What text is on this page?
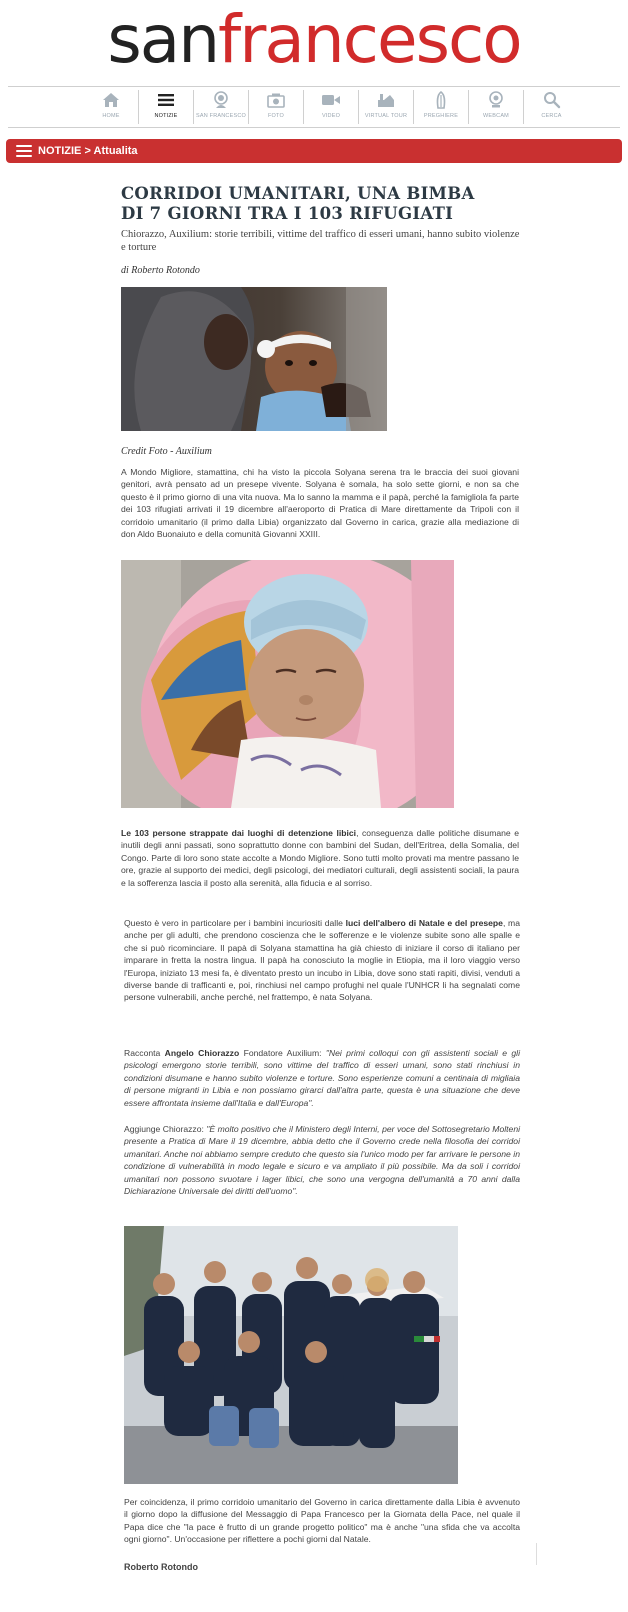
sanfrancesco
HOME	NOTIZIE	SAN FRANCESCO	FOTO	VIDEO	VIRTUAL TOUR	PREGHIERE	WEBCAM	CERCA
NOTIZIE > Attualita
CORRIDOI UMANITARI, UNA BIMBA DI 7 GIORNI TRA I 103 RIFUGIATI
Chiorazzo, Auxilium: storie terribili, vittime del traffico di esseri umani, hanno subito violenze e torture
di Roberto Rotondo
Credit Foto - Auxilium
A Mondo Migliore, stamattina, chi ha visto la piccola Solyana serena tra le braccia dei suoi giovani genitori, avrà pensato ad un presepe vivente. Solyana è somala, ha solo sette giorni, e non sa che questo è il primo giorno di una vita nuova. Ma lo sanno la mamma e il papà, perché la famigliola fa parte dei 103 rifugiati arrivati il 19 dicembre all'aeroporto di Pratica di Mare direttamente da Tripoli con il corridoio umanitario (il primo dalla Libia) organizzato dal Governo in carica, grazie alla mediazione di don Aldo Buonaiuto e della comunità Giovanni XXIII.
Le 103 persone strappate dai luoghi di detenzione libici, conseguenza dalle politiche disumane e inutili degli anni passati, sono soprattutto donne con bambini del Sudan, dell'Eritrea, della Somalia, del Congo. Parte di loro sono state accolte a Mondo Migliore. Sono tutti molto provati ma mentre passano le ore, grazie al supporto dei medici, degli psicologi, dei mediatori culturali, degli assistenti sociali, la paura e la sofferenza lascia il posto alla serenità, alla fiducia e al sorriso.
Questo è vero in particolare per i bambini incuriositi dalle luci dell'albero di Natale e del presepe, ma anche per gli adulti, che prendono coscienza che le sofferenze e le violenze subite sono alle spalle e che si può ricominciare. Il papà di Solyana stamattina ha già chiesto di iniziare il corso di italiano per imparare in fretta la nostra lingua. Il papà ha conosciuto la moglie in Etiopia, ma il loro viaggio verso l'Europa, iniziato 13 mesi fa, è diventato presto un incubo in Libia, dove sono stati rapiti, divisi, venduti a diverse bande di trafficanti e, poi, rinchiusi nel campo profughi nel quale l'UNHCR li ha segnalati come persone vulnerabili, anche perché, nel frattempo, è nata Solyana.
Racconta Angelo Chiorazzo Fondatore Auxilium: "Nei primi colloqui con gli assistenti sociali e gli psicologi emergono storie terribili, sono vittime del traffico di esseri umani, sono stati rinchiusi in condizioni disumane e hanno subito violenze e torture. Sono esperienze comuni a centinaia di migliaia di persone migranti in Libia e non possiamo girarci dall'altra parte, questa è una situazione che deve essere affrontata insieme dall'Italia e dall'Europa".
Aggiunge Chiorazzo: "È molto positivo che il Ministero degli Interni, per voce del Sottosegretario Molteni presente a Pratica di Mare il 19 dicembre, abbia detto che il Governo crede nella filosofia dei corridoi umanitari. Anche noi abbiamo sempre creduto che questo sia l'unico modo per far arrivare le persone in condizione di vulnerabilità in modo legale e sicuro e va ampliato il più possibile. Ma da soli i corridoi umanitari non possono svuotare i lager libici, che sono una vergogna dell'umanità a 70 anni dalla Dichiarazione Universale dei diritti dell'uomo".
Per coincidenza, il primo corridoio umanitario del Governo in carica direttamente dalla Libia è avvenuto il giorno dopo la diffusione del Messaggio di Papa Francesco per la Giornata della Pace, nel quale il Papa dice che "la pace è frutto di un grande progetto politico" ma è anche "una sfida che va accolta ogni giorno". Un'occasione per riflettere a pochi giorni dal Natale.
Roberto Rotondo
